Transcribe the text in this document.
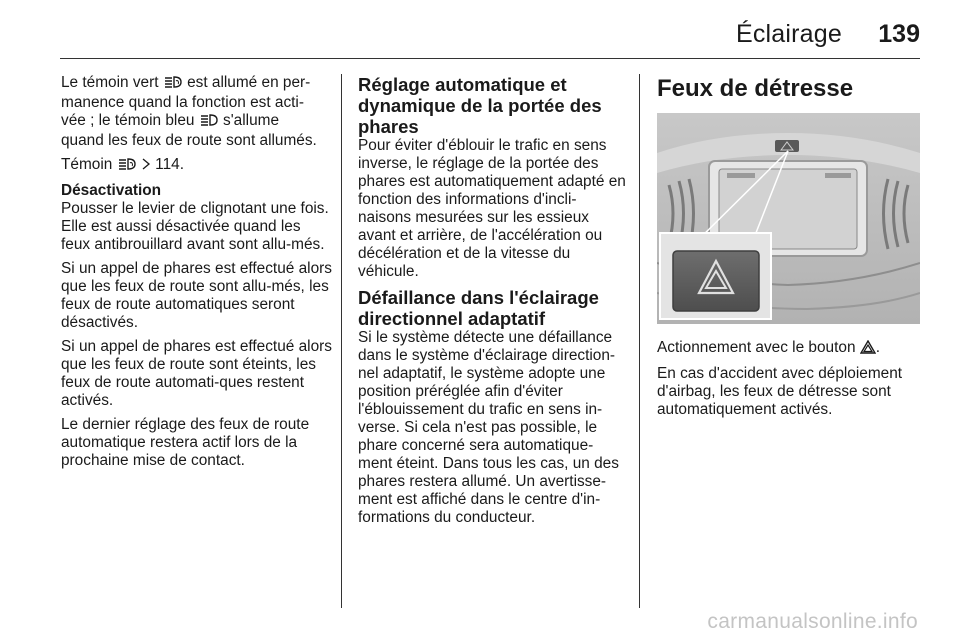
Éclairage 139

Le témoin vert est allumé en per-
manence quand la fonction est acti-
vée ; le témoin bleu s'allume
quand les feux de route sont allumés.

Témoin	114.

Désactivation

Pousser le levier de clignotant une fois. Elle est aussi désactivée quand les feux antibrouillard avant sont allu-més.

Si un appel de phares est effectué alors que les feux de route sont allu-més, les feux de route automatiques seront désactivés.

Si un appel de phares est effectué alors que les feux de route sont éteints, les feux de route automati-ques restent activés.

Le dernier réglage des feux de route automatique restera actif lors de la prochaine mise de contact.

Réglage automatique et
dynamique de la portée des
phares

Pour éviter d'éblouir le trafic en sens inverse, le réglage de la portée des phares est automatiquement adapté en fonction des informations d'incli-naisons mesurées sur les essieux avant et arrière, de l'accélération ou décélération et de la vitesse du véhicule.

Défaillance dans l'éclairage
directionnel adaptatif

Si le système détecte une défaillance dans le système d'éclairage direction-nel adaptatif, le système adopte une position préréglée afin d'éviter l'éblouissement du trafic en sens in-verse. Si cela n'est pas possible, le phare concerné sera automatique-ment éteint. Dans tous les cas, un des phares restera allumé. Un avertisse-ment est affiché dans le centre d'in-formations du conducteur.

Feux de détresse

Actionnement avec le bouton .

En cas d'accident avec déploiement d'airbag, les feux de détresse sont automatiquement activés.

carmanualsonline.info
